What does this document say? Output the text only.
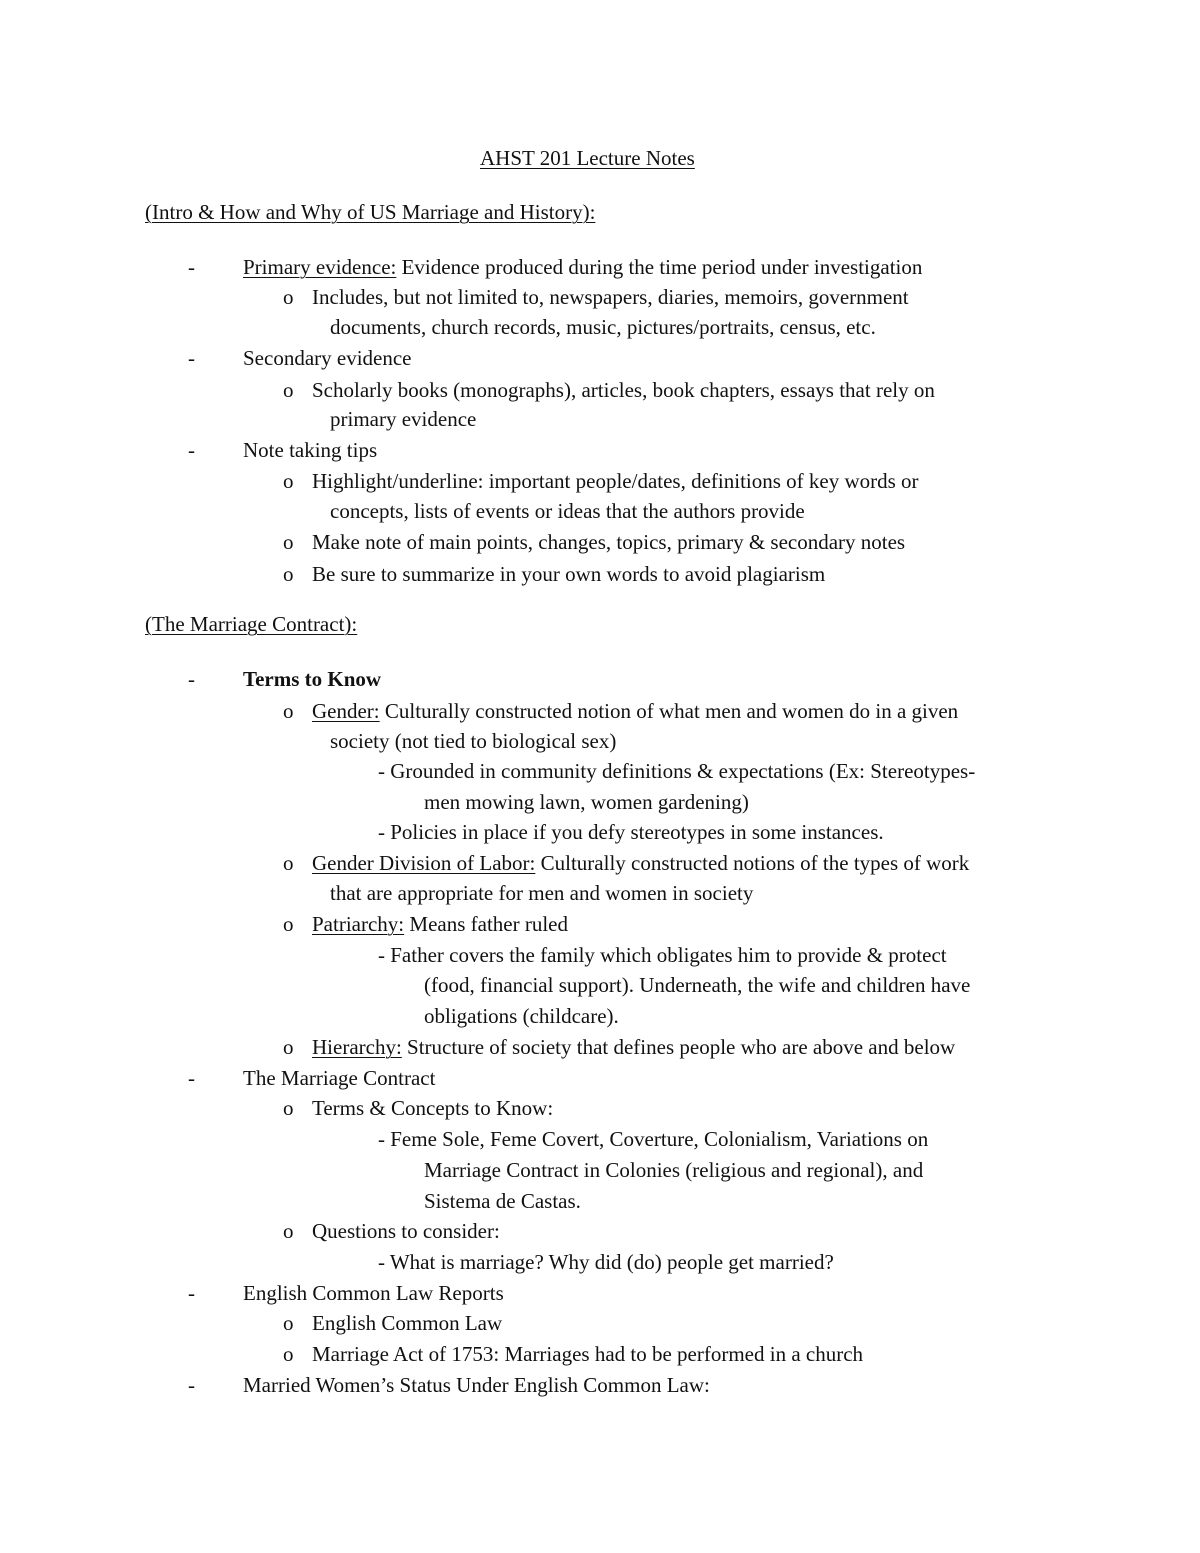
AHST 201 Lecture Notes
(Intro & How and Why of US Marriage and History):
- Primary evidence: Evidence produced during the time period under investigation
o Includes, but not limited to, newspapers, diaries, memoirs, government
documents, church records, music, pictures/portraits, census, etc.
- Secondary evidence
o Scholarly books (monographs), articles, book chapters, essays that rely on
primary evidence
- Note taking tips
o Highlight/underline: important people/dates, definitions of key words or
concepts, lists of events or ideas that the authors provide
o Make note of main points, changes, topics, primary & secondary notes
o Be sure to summarize in your own words to avoid plagiarism
(The Marriage Contract):
- Terms to Know
o Gender: Culturally constructed notion of what men and women do in a given
society (not tied to biological sex)
- Grounded in community definitions & expectations (Ex: Stereotypes-
men mowing lawn, women gardening)
- Policies in place if you defy stereotypes in some instances.
o Gender Division of Labor: Culturally constructed notions of the types of work
that are appropriate for men and women in society
o Patriarchy: Means father ruled
- Father covers the family which obligates him to provide & protect
(food, financial support). Underneath, the wife and children have
obligations (childcare).
o Hierarchy: Structure of society that defines people who are above and below
- The Marriage Contract
o Terms & Concepts to Know:
- Feme Sole, Feme Covert, Coverture, Colonialism, Variations on
Marriage Contract in Colonies (religious and regional), and
Sistema de Castas.
o Questions to consider:
- What is marriage? Why did (do) people get married?
- English Common Law Reports
o English Common Law
o Marriage Act of 1753: Marriages had to be performed in a church
- Married Women’s Status Under English Common Law:
